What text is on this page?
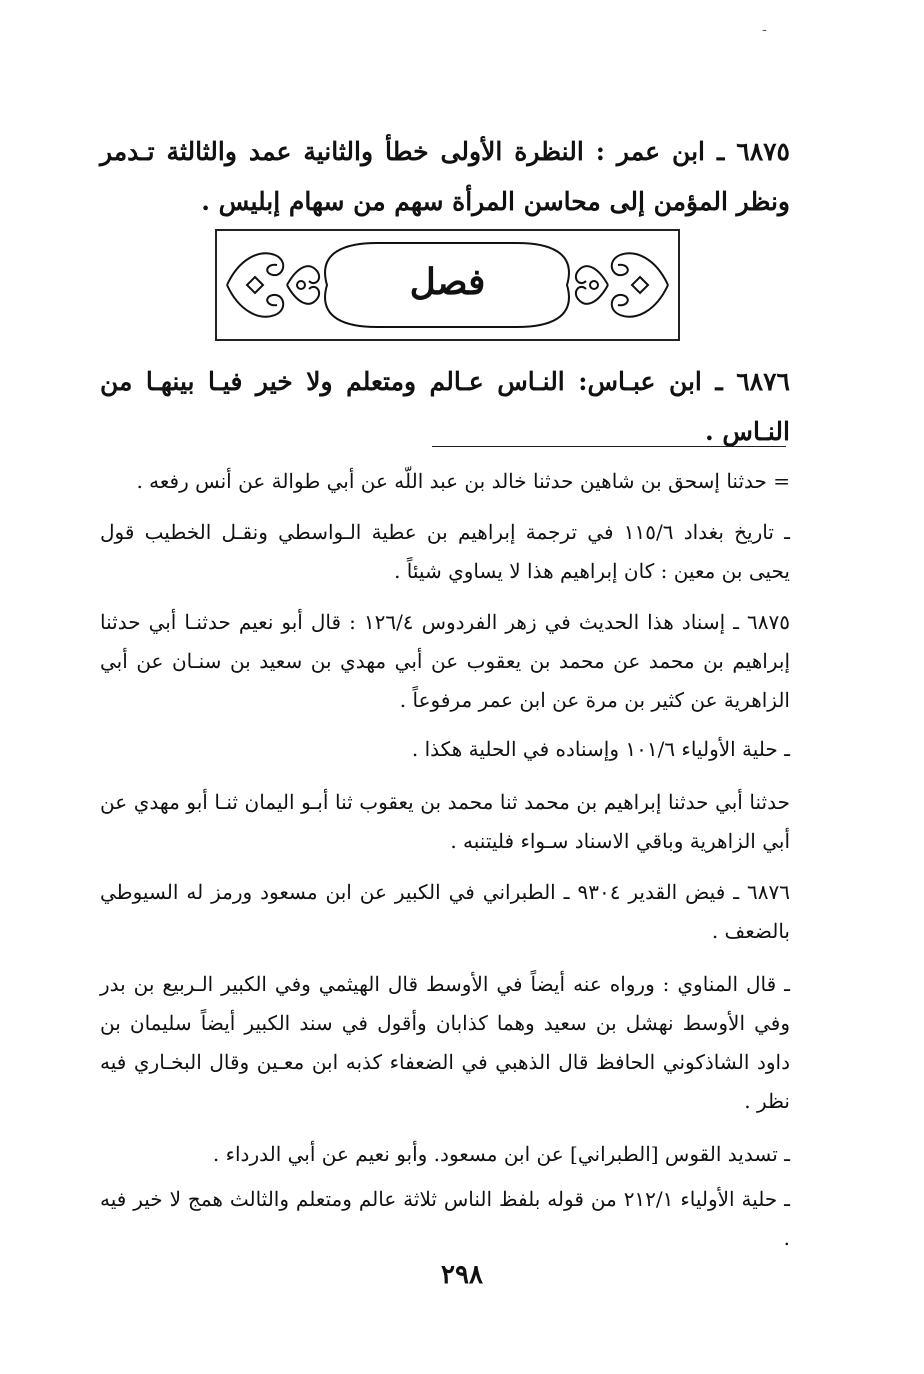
-
٦٨٧٥ ـ ابن عمر : النظرة الأولى خطأ والثانية عمد والثالثة تـدمر ونظر المؤمن إلى محاسن المرأة سهم من سهام إبليس .
فصل
٦٨٧٦ ـ ابن عبـاس: النـاس عـالم ومتعلم ولا خير فيـا بينهـا من النـاس .

= حدثنا إسحق بن شاهين حدثنا خالد بن عبد اللّه عن أبي طوالة عن أنس رفعه .

ـ تاريخ بغداد ١١٥/٦ في ترجمة إبراهيم بن عطية الـواسطي ونقـل الخطيب قول يحيى بن معين : كان إبراهيم هذا لا يساوي شيئاً .

٦٨٧٥ ـ إسناد هذا الحديث في زهر الفردوس ١٢٦/٤ : قال أبو نعيم حدثنـا أبي حدثنا إبراهيم بن محمد عن محمد بن يعقوب عن أبي مهدي بن سعيد بن سنـان عن أبي الزاهرية عن كثير بن مرة عن ابن عمر مرفوعاً .

ـ حلية الأولياء ١٠١/٦ وإسناده في الحلية هكذا .

حدثنا أبي حدثنا إبراهيم بن محمد ثنا محمد بن يعقوب ثنا أبـو اليمان ثنـا أبو مهدي عن أبي الزاهرية وباقي الاسناد سـواء فليتنبه .

٦٨٧٦ ـ فيض القدير ٩٣٠٤ ـ الطبراني في الكبير عن ابن مسعود ورمز له السيوطي بالضعف .

ـ قال المناوي : ورواه عنه أيضاً في الأوسط قال الهيثمي وفي الكبير الـربيع بن بدر وفي الأوسط نهشل بن سعيد وهما كذابان وأقول في سند الكبير أيضاً سليمان بن داود الشاذكوني الحافظ قال الذهبي في الضعفاء كذبه ابن معـين وقال البخـاري فيه نظر .

ـ تسديد القوس [الطبراني] عن ابن مسعود. وأبو نعيم عن أبي الدرداء .

ـ حلية الأولياء ٢١٢/١ من قوله بلفظ الناس ثلاثة عالم ومتعلم والثالث همج لا خير فيه .

٢٩٨
